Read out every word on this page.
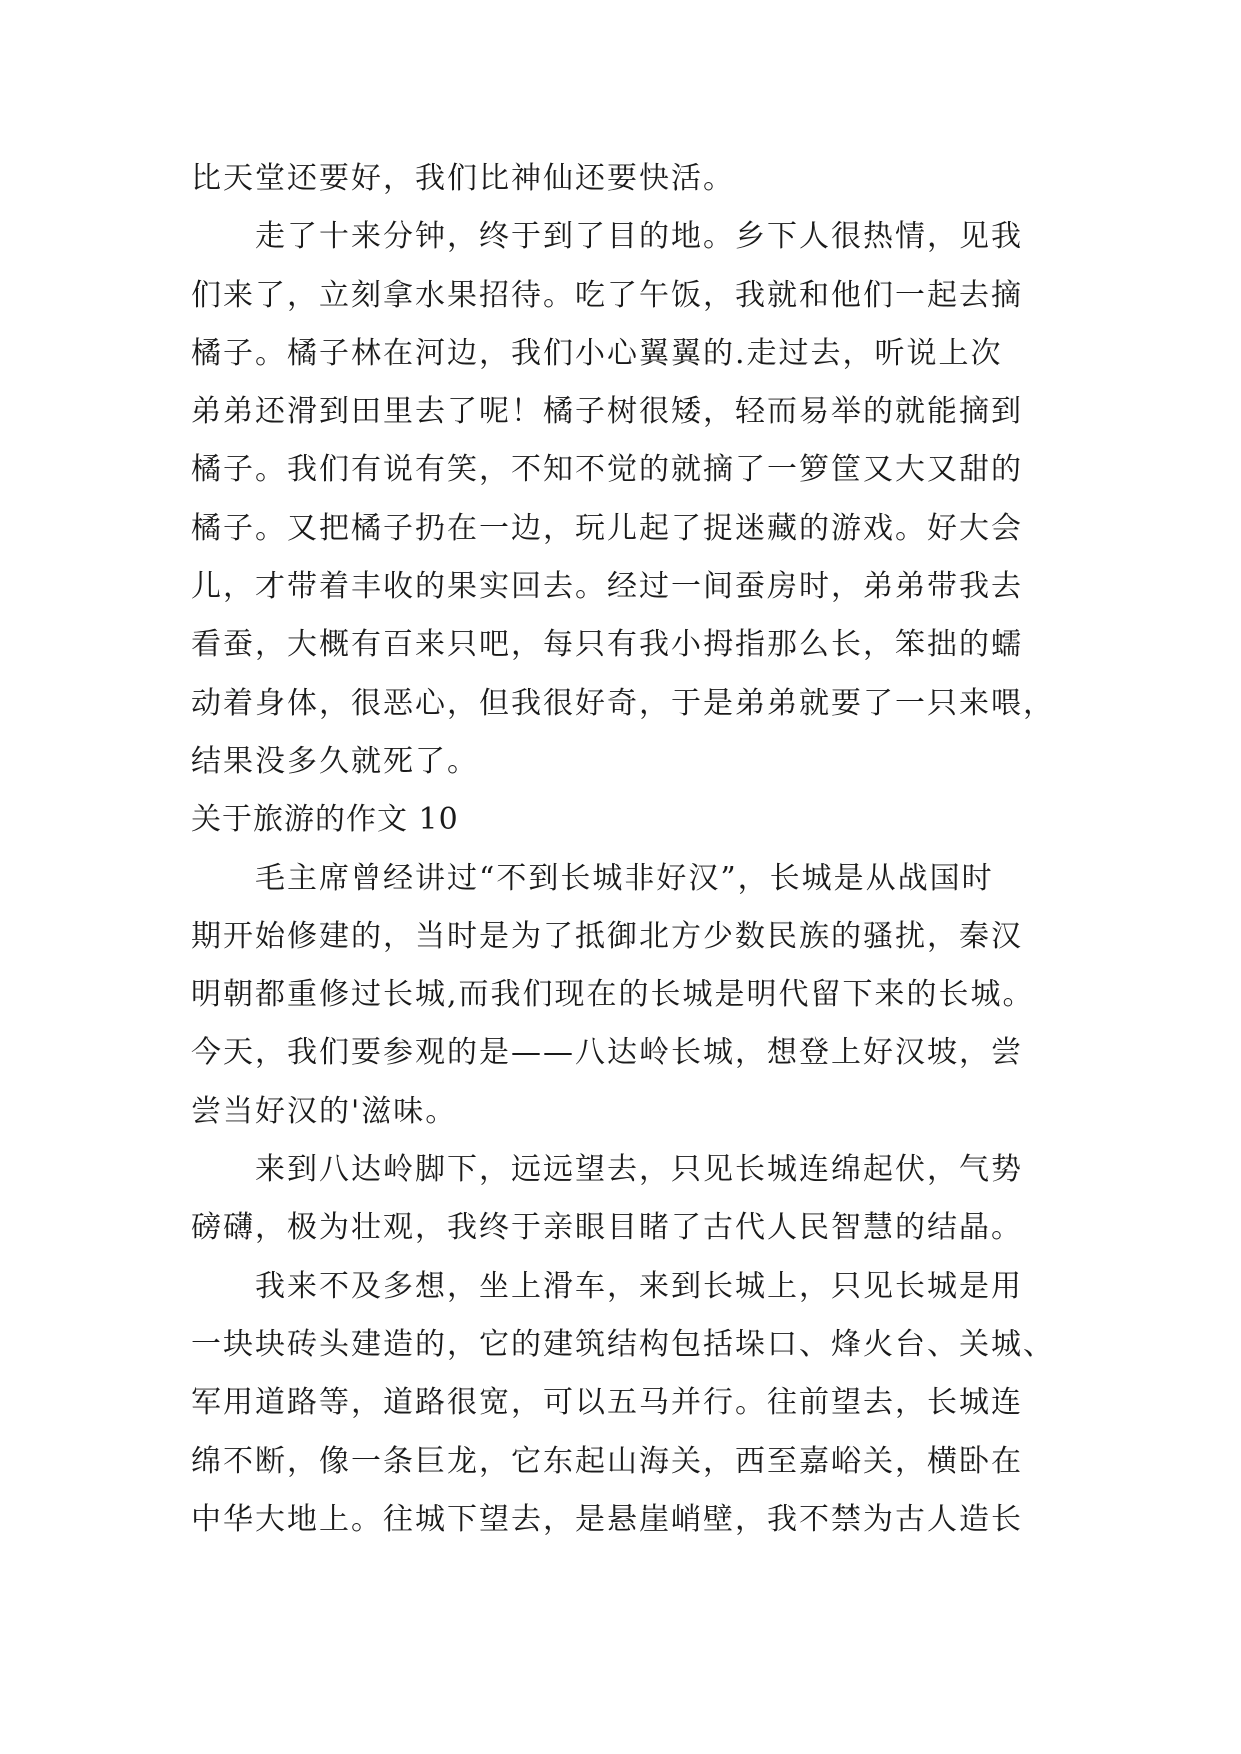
比天堂还要好，我们比神仙还要快活。
走了十来分钟，终于到了目的地。乡下人很热情，见我
们来了，立刻拿水果招待。吃了午饭，我就和他们一起去摘
橘子。橘子林在河边，我们小心翼翼的.走过去，听说上次
弟弟还滑到田里去了呢！橘子树很矮，轻而易举的就能摘到
橘子。我们有说有笑，不知不觉的就摘了一箩筐又大又甜的
橘子。又把橘子扔在一边，玩儿起了捉迷藏的游戏。好大会
儿，才带着丰收的果实回去。经过一间蚕房时，弟弟带我去
看蚕，大概有百来只吧，每只有我小拇指那么长，笨拙的蠕
动着身体，很恶心，但我很好奇，于是弟弟就要了一只来喂，
结果没多久就死了。
关于旅游的作文 10
毛主席曾经讲过“不到长城非好汉”，长城是从战国时
期开始修建的，当时是为了抵御北方少数民族的骚扰，秦汉
明朝都重修过长城,而我们现在的长城是明代留下来的长城。
今天，我们要参观的是——八达岭长城，想登上好汉坡，尝
尝当好汉的'滋味。
来到八达岭脚下，远远望去，只见长城连绵起伏，气势
磅礴，极为壮观，我终于亲眼目睹了古代人民智慧的结晶。
我来不及多想，坐上滑车，来到长城上，只见长城是用
一块块砖头建造的，它的建筑结构包括垛口、烽火台、关城、
军用道路等，道路很宽，可以五马并行。往前望去，长城连
绵不断，像一条巨龙，它东起山海关，西至嘉峪关，横卧在
中华大地上。往城下望去，是悬崖峭壁，我不禁为古人造长
